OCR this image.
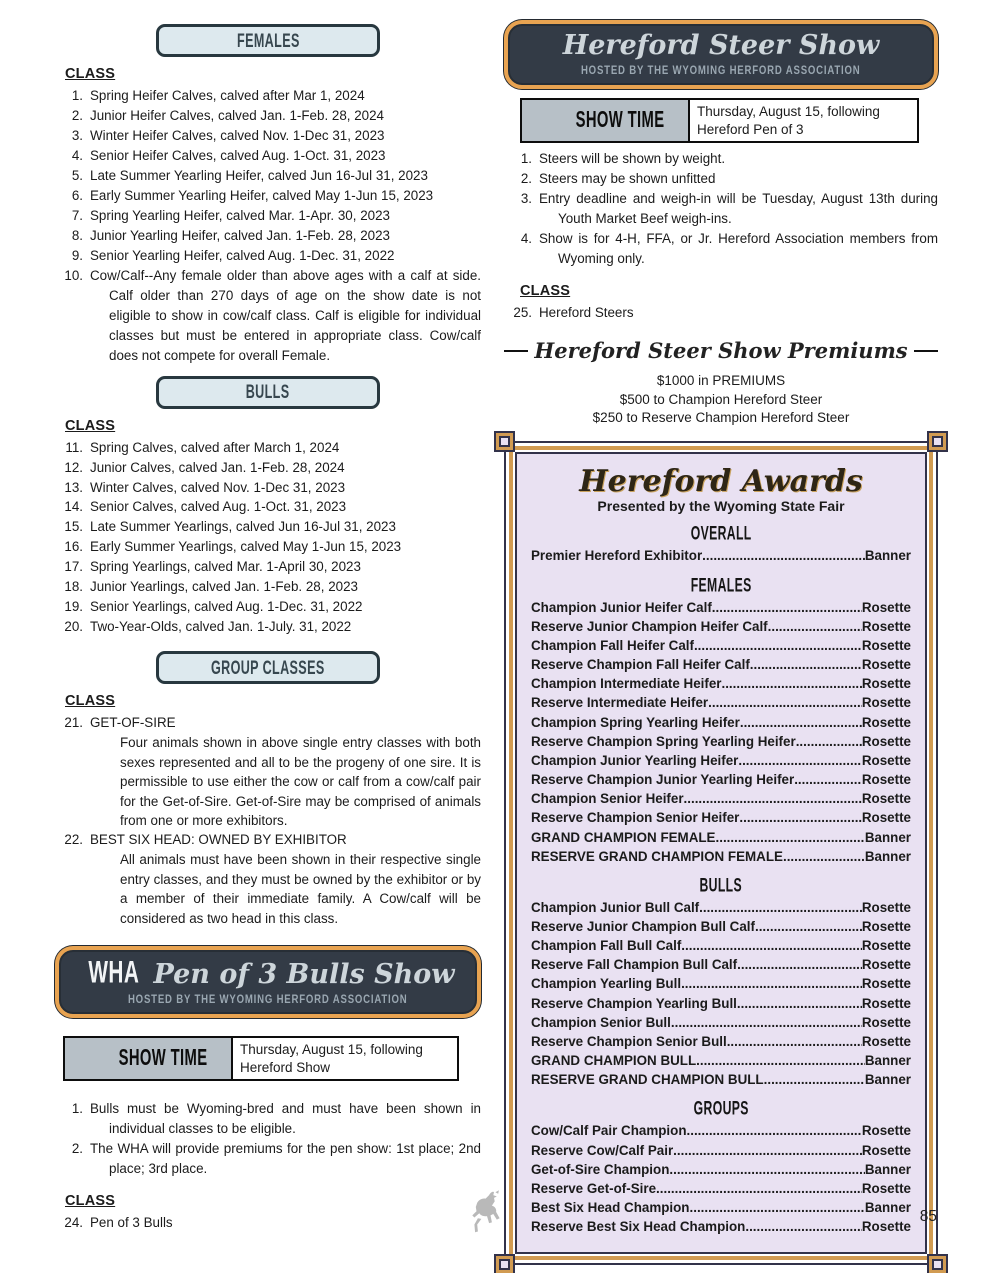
FEMALES
CLASS
1. Spring Heifer Calves, calved after Mar 1, 2024
2. Junior Heifer Calves, calved Jan. 1-Feb. 28, 2024
3. Winter Heifer Calves, calved Nov. 1-Dec 31, 2023
4. Senior Heifer Calves, calved Aug. 1-Oct. 31, 2023
5. Late Summer Yearling Heifer, calved Jun 16-Jul 31, 2023
6. Early Summer Yearling Heifer, calved May 1-Jun 15, 2023
7. Spring Yearling Heifer, calved Mar. 1-Apr. 30, 2023
8. Junior Yearling Heifer, calved Jan. 1-Feb. 28, 2023
9. Senior Yearling Heifer, calved Aug. 1-Dec. 31, 2022
10. Cow/Calf--Any female older than above ages with a calf at side. Calf older than 270 days of age on the show date is not eligible to show in cow/calf class. Calf is eligible for individual classes but must be entered in appropriate class. Cow/calf does not compete for overall Female.
BULLS
CLASS
11. Spring Calves, calved after March 1, 2024
12. Junior Calves, calved Jan. 1-Feb. 28, 2024
13. Winter Calves, calved Nov. 1-Dec 31, 2023
14. Senior Calves, calved Aug. 1-Oct. 31, 2023
15. Late Summer Yearlings, calved Jun 16-Jul 31, 2023
16. Early Summer Yearlings, calved May 1-Jun 15, 2023
17. Spring Yearlings, calved Mar. 1-April 30, 2023
18. Junior Yearlings, calved Jan. 1-Feb. 28, 2023
19. Senior Yearlings, calved Aug. 1-Dec. 31, 2022
20. Two-Year-Olds, calved Jan. 1-July. 31, 2022
GROUP CLASSES
CLASS
21. GET-OF-SIRE
Four animals shown in above single entry classes with both sexes represented and all to be the progeny of one sire. It is permissible to use either the cow or calf from a cow/calf pair for the Get-of-Sire. Get-of-Sire may be comprised of animals from one or more exhibitors.
22. BEST SIX HEAD: OWNED BY EXHIBITOR
All animals must have been shown in their respective single entry classes, and they must be owned by the exhibitor or by a member of their immediate family. A Cow/calf will be considered as two head in this class.
WHA Pen of 3 Bulls Show
HOSTED BY THE WYOMING HERFORD ASSOCIATION
SHOW TIME	Thursday, August 15, following Hereford Show
1. Bulls must be Wyoming-bred and must have been shown in individual classes to be eligible.
2. The WHA will provide premiums for the pen show: 1st place; 2nd place; 3rd place.
CLASS
24. Pen of 3 Bulls
Hereford Steer Show
HOSTED BY THE WYOMING HERFORD ASSOCIATION
SHOW TIME	Thursday, August 15, following Hereford Pen of 3
1. Steers will be shown by weight.
2. Steers may be shown unfitted
3. Entry deadline and weigh-in will be Tuesday, August 13th during Youth Market Beef weigh-ins.
4. Show is for 4-H, FFA, or Jr. Hereford Association members from Wyoming only.
CLASS
25. Hereford Steers
Hereford Steer Show Premiums
$1000 in PREMIUMS
$500 to Champion Hereford Steer
$250 to Reserve Champion Hereford Steer
Hereford Awards
Presented by the Wyoming State Fair
OVERALL
Premier Hereford Exhibitor .....	Banner
FEMALES
Champion Junior Heifer Calf .....	Rosette
Reserve Junior Champion Heifer Calf .....	Rosette
Champion Fall Heifer Calf .....	Rosette
Reserve Champion Fall Heifer Calf .....	Rosette
Champion Intermediate Heifer .....	Rosette
Reserve Intermediate Heifer .....	Rosette
Champion Spring Yearling Heifer .....	Rosette
Reserve Champion Spring Yearling Heifer .....	Rosette
Champion Junior Yearling Heifer .....	Rosette
Reserve Champion Junior Yearling Heifer .....	Rosette
Champion Senior Heifer .....	Rosette
Reserve Champion Senior Heifer .....	Rosette
GRAND CHAMPION FEMALE .....	Banner
RESERVE GRAND CHAMPION FEMALE .....	Banner
BULLS
Champion Junior Bull Calf .....	Rosette
Reserve Junior Champion Bull Calf .....	Rosette
Champion Fall Bull Calf .....	Rosette
Reserve Fall Champion Bull Calf .....	Rosette
Champion Yearling Bull .....	Rosette
Reserve Champion Yearling Bull .....	Rosette
Champion Senior Bull .....	Rosette
Reserve Champion Senior Bull .....	Rosette
GRAND CHAMPION BULL .....	Banner
RESERVE GRAND CHAMPION BULL .....	Banner
GROUPS
Cow/Calf Pair Champion .....	Rosette
Reserve Cow/Calf Pair .....	Rosette
Get-of-Sire Champion .....	Banner
Reserve Get-of-Sire .....	Rosette
Best Six Head Champion .....	Banner
Reserve Best Six Head Champion .....	Rosette
85
